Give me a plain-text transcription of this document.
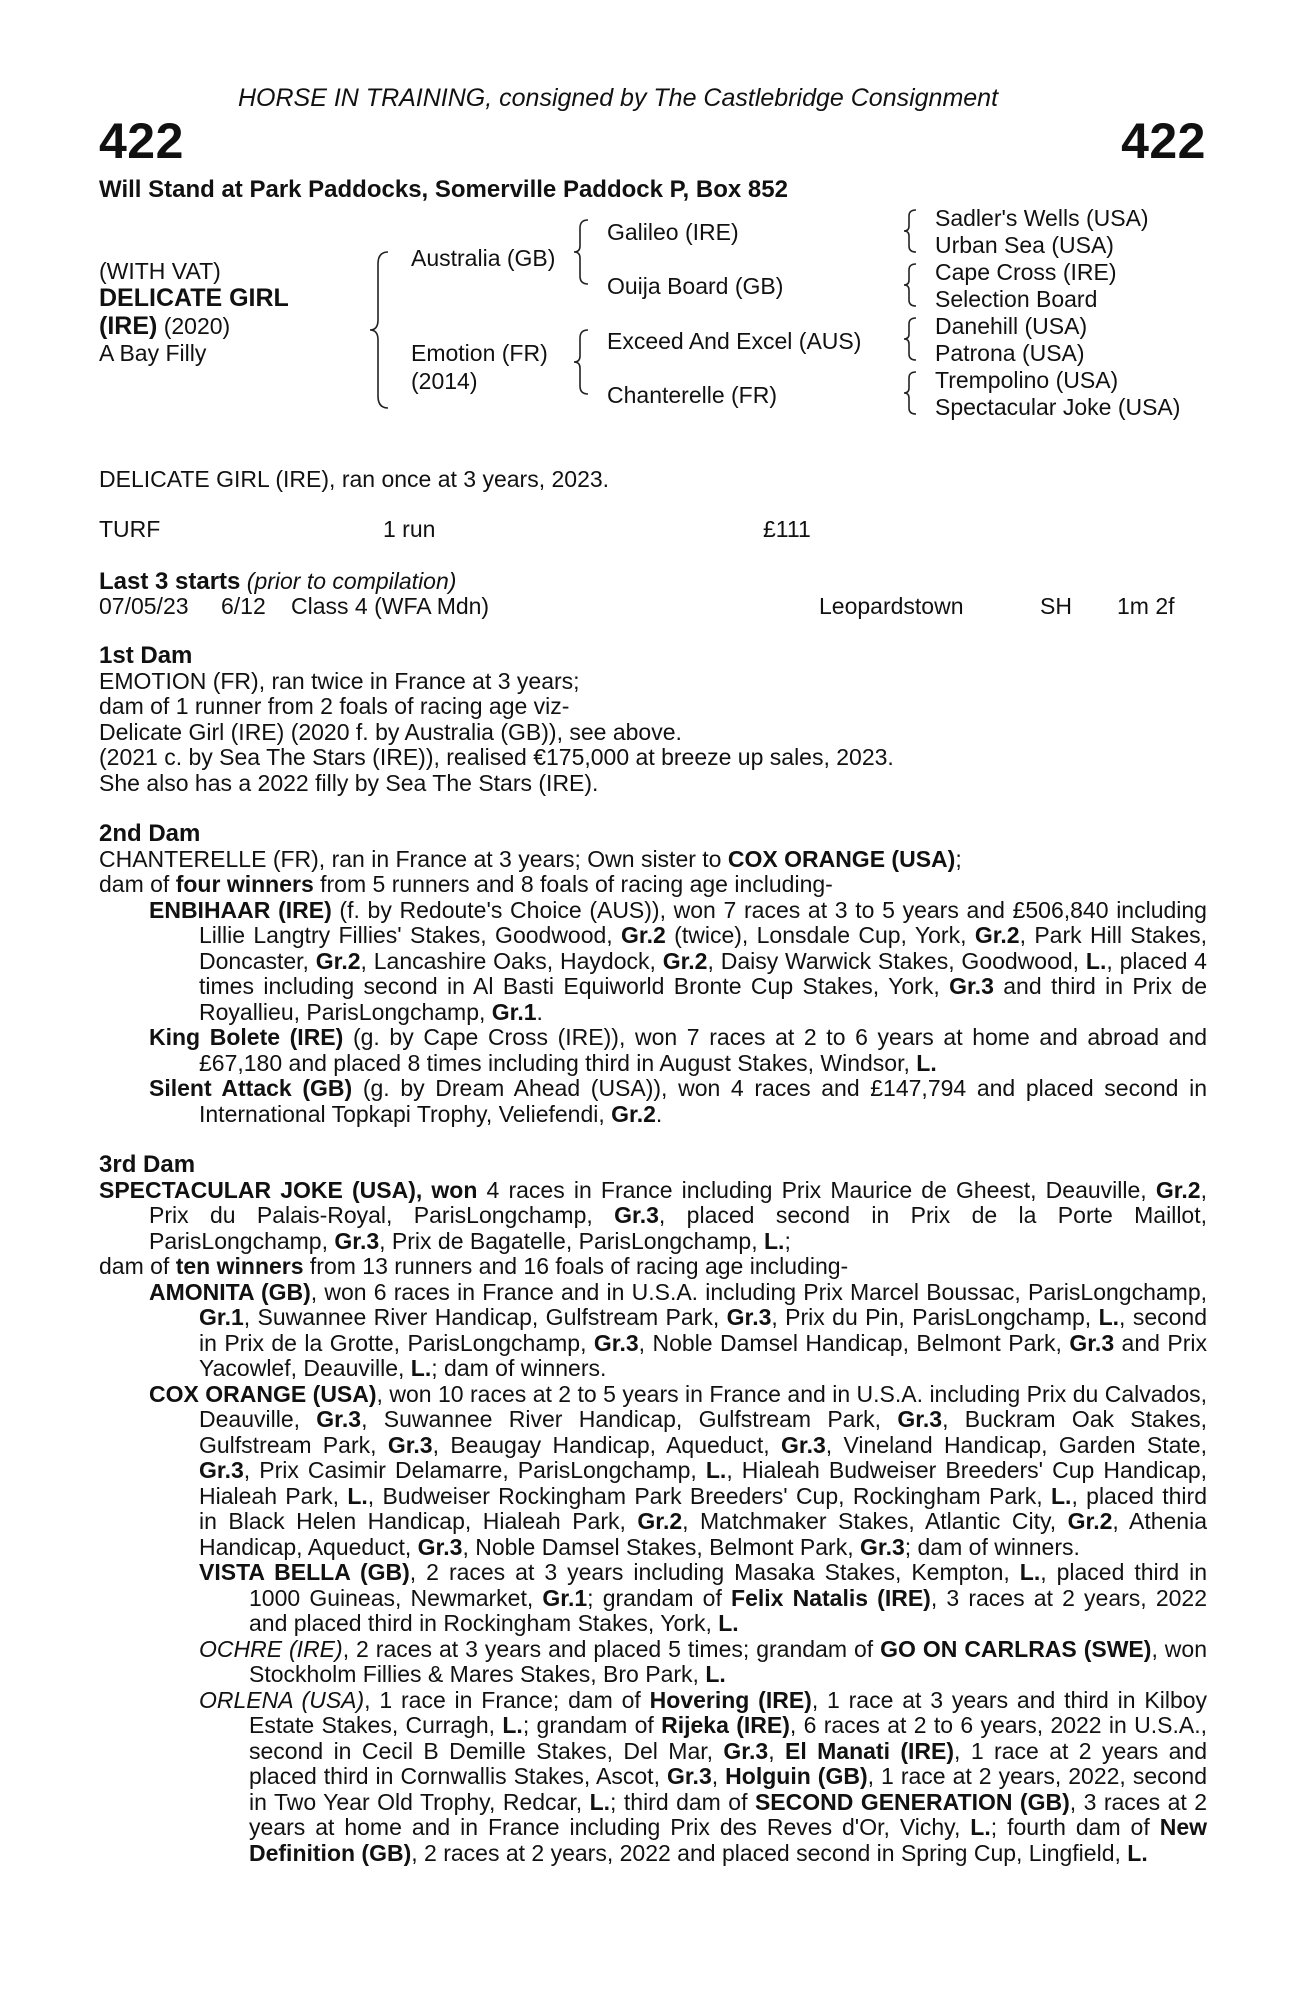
HORSE IN TRAINING, consigned by The Castlebridge Consignment
422	422
Will Stand at Park Paddocks, Somerville Paddock P, Box 852
(WITH VAT)
DELICATE GIRL
(IRE) (2020)
A Bay Filly
Australia (GB)
Emotion (FR)
(2014)
Galileo (IRE)
Ouija Board (GB)
Exceed And Excel (AUS)
Chanterelle (FR)
Sadler's Wells (USA)
Urban Sea (USA)
Cape Cross (IRE)
Selection Board
Danehill (USA)
Patrona (USA)
Trempolino (USA)
Spectacular Joke (USA)
DELICATE GIRL (IRE), ran once at 3 years, 2023.
TURF	1 run	£111
Last 3 starts (prior to compilation)
07/05/23 6/12 Class 4 (WFA Mdn)	Leopardstown	SH 1m 2f

1st Dam

EMOTION (FR), ran twice in France at 3 years;

dam of 1 runner from 2 foals of racing age viz-

Delicate Girl (IRE) (2020 f. by Australia (GB)), see above.

(2021 c. by Sea The Stars (IRE)), realised €175,000 at breeze up sales, 2023.

She also has a 2022 filly by Sea The Stars (IRE).

2nd Dam

CHANTERELLE (FR), ran in France at 3 years; Own sister to COX ORANGE (USA);

dam of four winners from 5 runners and 8 foals of racing age including-

ENBIHAAR (IRE) (f. by Redoute's Choice (AUS)), won 7 races at 3 to 5 years and £506,840 including Lillie Langtry Fillies' Stakes, Goodwood, Gr.2 (twice), Lonsdale Cup, York, Gr.2, Park Hill Stakes, Doncaster, Gr.2, Lancashire Oaks, Haydock, Gr.2, Daisy Warwick Stakes, Goodwood, L., placed 4 times including second in Al Basti Equiworld Bronte Cup Stakes, York, Gr.3 and third in Prix de Royallieu, ParisLongchamp, Gr.1.

King Bolete (IRE) (g. by Cape Cross (IRE)), won 7 races at 2 to 6 years at home and abroad and £67,180 and placed 8 times including third in August Stakes, Windsor, L.

Silent Attack (GB) (g. by Dream Ahead (USA)), won 4 races and £147,794 and placed second in International Topkapi Trophy, Veliefendi, Gr.2.

3rd Dam

SPECTACULAR JOKE (USA), won 4 races in France including Prix Maurice de Gheest, Deauville, Gr.2, Prix du Palais-Royal, ParisLongchamp, Gr.3, placed second in Prix de la Porte Maillot, ParisLongchamp, Gr.3, Prix de Bagatelle, ParisLongchamp, L.;

dam of ten winners from 13 runners and 16 foals of racing age including-

AMONITA (GB), won 6 races in France and in U.S.A. including Prix Marcel Boussac, ParisLongchamp, Gr.1, Suwannee River Handicap, Gulfstream Park, Gr.3, Prix du Pin, ParisLongchamp, L., second in Prix de la Grotte, ParisLongchamp, Gr.3, Noble Damsel Handicap, Belmont Park, Gr.3 and Prix Yacowlef, Deauville, L.; dam of winners.

COX ORANGE (USA), won 10 races at 2 to 5 years in France and in U.S.A. including Prix du Calvados, Deauville, Gr.3, Suwannee River Handicap, Gulfstream Park, Gr.3, Buckram Oak Stakes, Gulfstream Park, Gr.3, Beaugay Handicap, Aqueduct, Gr.3, Vineland Handicap, Garden State, Gr.3, Prix Casimir Delamarre, ParisLongchamp, L., Hialeah Budweiser Breeders' Cup Handicap, Hialeah Park, L., Budweiser Rockingham Park Breeders' Cup, Rockingham Park, L., placed third in Black Helen Handicap, Hialeah Park, Gr.2, Matchmaker Stakes, Atlantic City, Gr.2, Athenia Handicap, Aqueduct, Gr.3, Noble Damsel Stakes, Belmont Park, Gr.3; dam of winners.

VISTA BELLA (GB), 2 races at 3 years including Masaka Stakes, Kempton, L., placed third in 1000 Guineas, Newmarket, Gr.1; grandam of Felix Natalis (IRE), 3 races at 2 years, 2022 and placed third in Rockingham Stakes, York, L.

OCHRE (IRE), 2 races at 3 years and placed 5 times; grandam of GO ON CARLRAS (SWE), won Stockholm Fillies & Mares Stakes, Bro Park, L.

ORLENA (USA), 1 race in France; dam of Hovering (IRE), 1 race at 3 years and third in Kilboy Estate Stakes, Curragh, L.; grandam of Rijeka (IRE), 6 races at 2 to 6 years, 2022 in U.S.A., second in Cecil B Demille Stakes, Del Mar, Gr.3, El Manati (IRE), 1 race at 2 years and placed third in Cornwallis Stakes, Ascot, Gr.3, Holguin (GB), 1 race at 2 years, 2022, second in Two Year Old Trophy, Redcar, L.; third dam of SECOND GENERATION (GB), 3 races at 2 years at home and in France including Prix des Reves d'Or, Vichy, L.; fourth dam of New Definition (GB), 2 races at 2 years, 2022 and placed second in Spring Cup, Lingfield, L.
